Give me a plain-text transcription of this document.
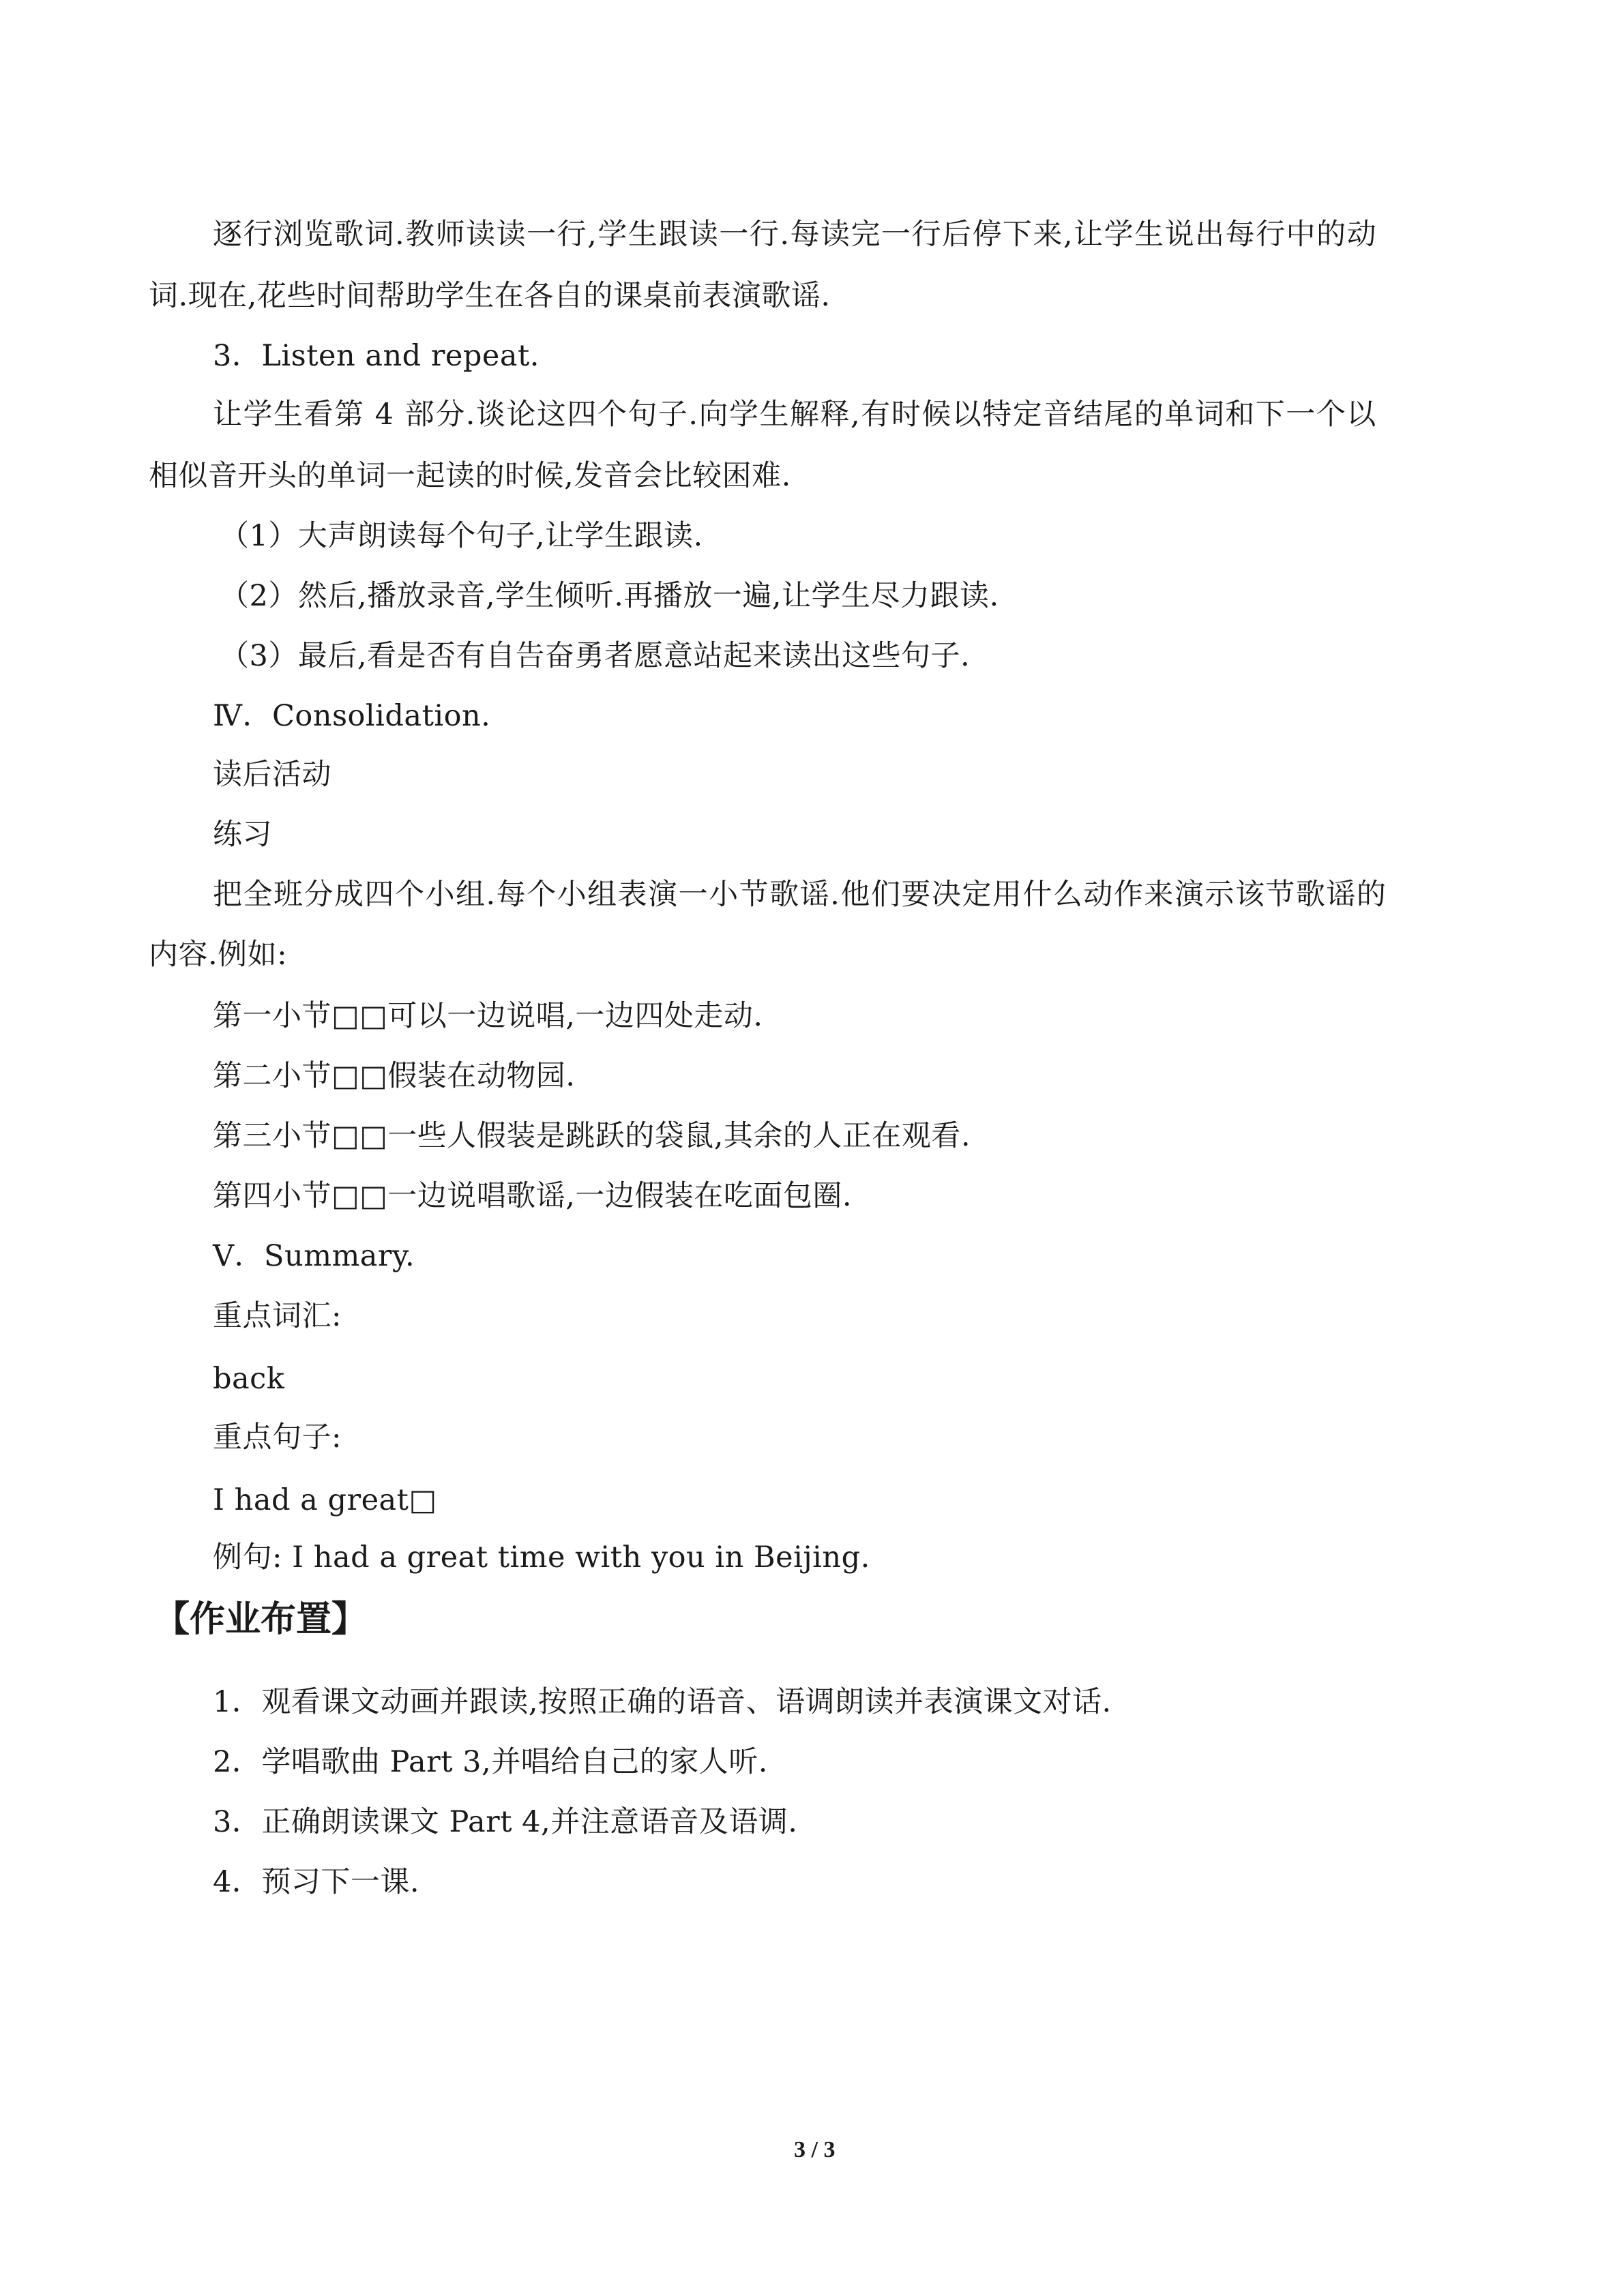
逐行浏览歌词.教师读读一行,学生跟读一行.每读完一行后停下来,让学生说出每行中的动
词.现在,花些时间帮助学生在各自的课桌前表演歌谣.
3．Listen and repeat.
让学生看第 4 部分.谈论这四个句子.向学生解释,有时候以特定音结尾的单词和下一个以
相似音开头的单词一起读的时候,发音会比较困难.
（1）大声朗读每个句子,让学生跟读.
（2）然后,播放录音,学生倾听.再播放一遍,让学生尽力跟读.
（3）最后,看是否有自告奋勇者愿意站起来读出这些句子.
Ⅳ．Consolidation.
读后活动
练习
把全班分成四个小组.每个小组表演一小节歌谣.他们要决定用什么动作来演示该节歌谣的
内容.例如:
第一小节□□可以一边说唱,一边四处走动.
第二小节□□假装在动物园.
第三小节□□一些人假装是跳跃的袋鼠,其余的人正在观看.
第四小节□□一边说唱歌谣,一边假装在吃面包圈.
Ⅴ．Summary.
重点词汇:
back
重点句子:
I had a great□
例句: I had a great time with you in Beijing.
【作业布置】
1．观看课文动画并跟读,按照正确的语音、语调朗读并表演课文对话.
2．学唱歌曲 Part 3,并唱给自己的家人听.
3．正确朗读课文 Part 4,并注意语音及语调.
4．预习下一课.
3 / 3
